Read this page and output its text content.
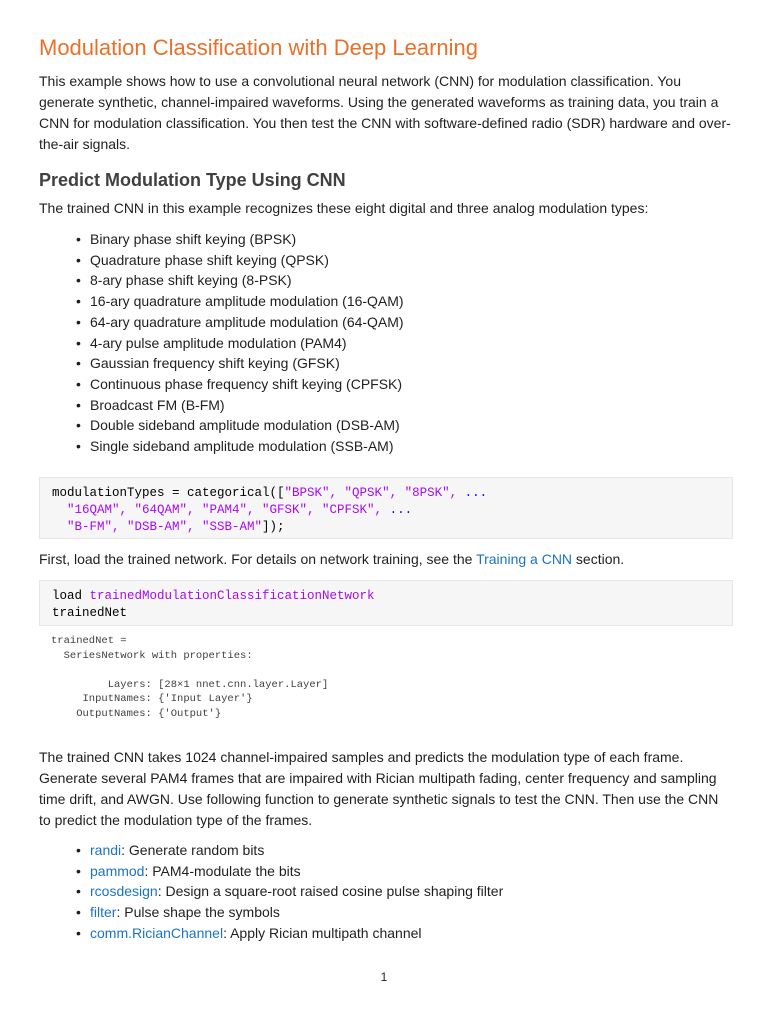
Modulation Classification with Deep Learning

This example shows how to use a convolutional neural network (CNN) for modulation classification. You generate synthetic, channel-impaired waveforms. Using the generated waveforms as training data, you train a CNN for modulation classification. You then test the CNN with software-defined radio (SDR) hardware and over-the-air signals.

Predict Modulation Type Using CNN

The trained CNN in this example recognizes these eight digital and three analog modulation types:

• Binary phase shift keying (BPSK)
• Quadrature phase shift keying (QPSK)
• 8-ary phase shift keying (8-PSK)
• 16-ary quadrature amplitude modulation (16-QAM)
• 64-ary quadrature amplitude modulation (64-QAM)
• 4-ary pulse amplitude modulation (PAM4)
• Gaussian frequency shift keying (GFSK)
• Continuous phase frequency shift keying (CPFSK)
• Broadcast FM (B-FM)
• Double sideband amplitude modulation (DSB-AM)
• Single sideband amplitude modulation (SSB-AM)
modulationTypes = categorical(["BPSK", "QPSK", "8PSK", ...
"16QAM", "64QAM", "PAM4", "GFSK", "CPFSK", ...
"B-FM", "DSB-AM", "SSB-AM"]);

First, load the trained network. For details on network training, see the Training a CNN section.

load trainedModulationClassificationNetwork
trainedNet
trainedNet =
SeriesNetwork with properties:

Layers: [28×1 nnet.cnn.layer.Layer]
InputNames: {'Input Layer'}
OutputNames: {'Output'}

The trained CNN takes 1024 channel-impaired samples and predicts the modulation type of each frame. Generate several PAM4 frames that are impaired with Rician multipath fading, center frequency and sampling time drift, and AWGN. Use following function to generate synthetic signals to test the CNN. Then use the CNN to predict the modulation type of the frames.

• randi: Generate random bits
• pammod: PAM4-modulate the bits
• rcosdesign: Design a square-root raised cosine pulse shaping filter
• filter: Pulse shape the symbols
• comm.RicianChannel: Apply Rician multipath channel
1
